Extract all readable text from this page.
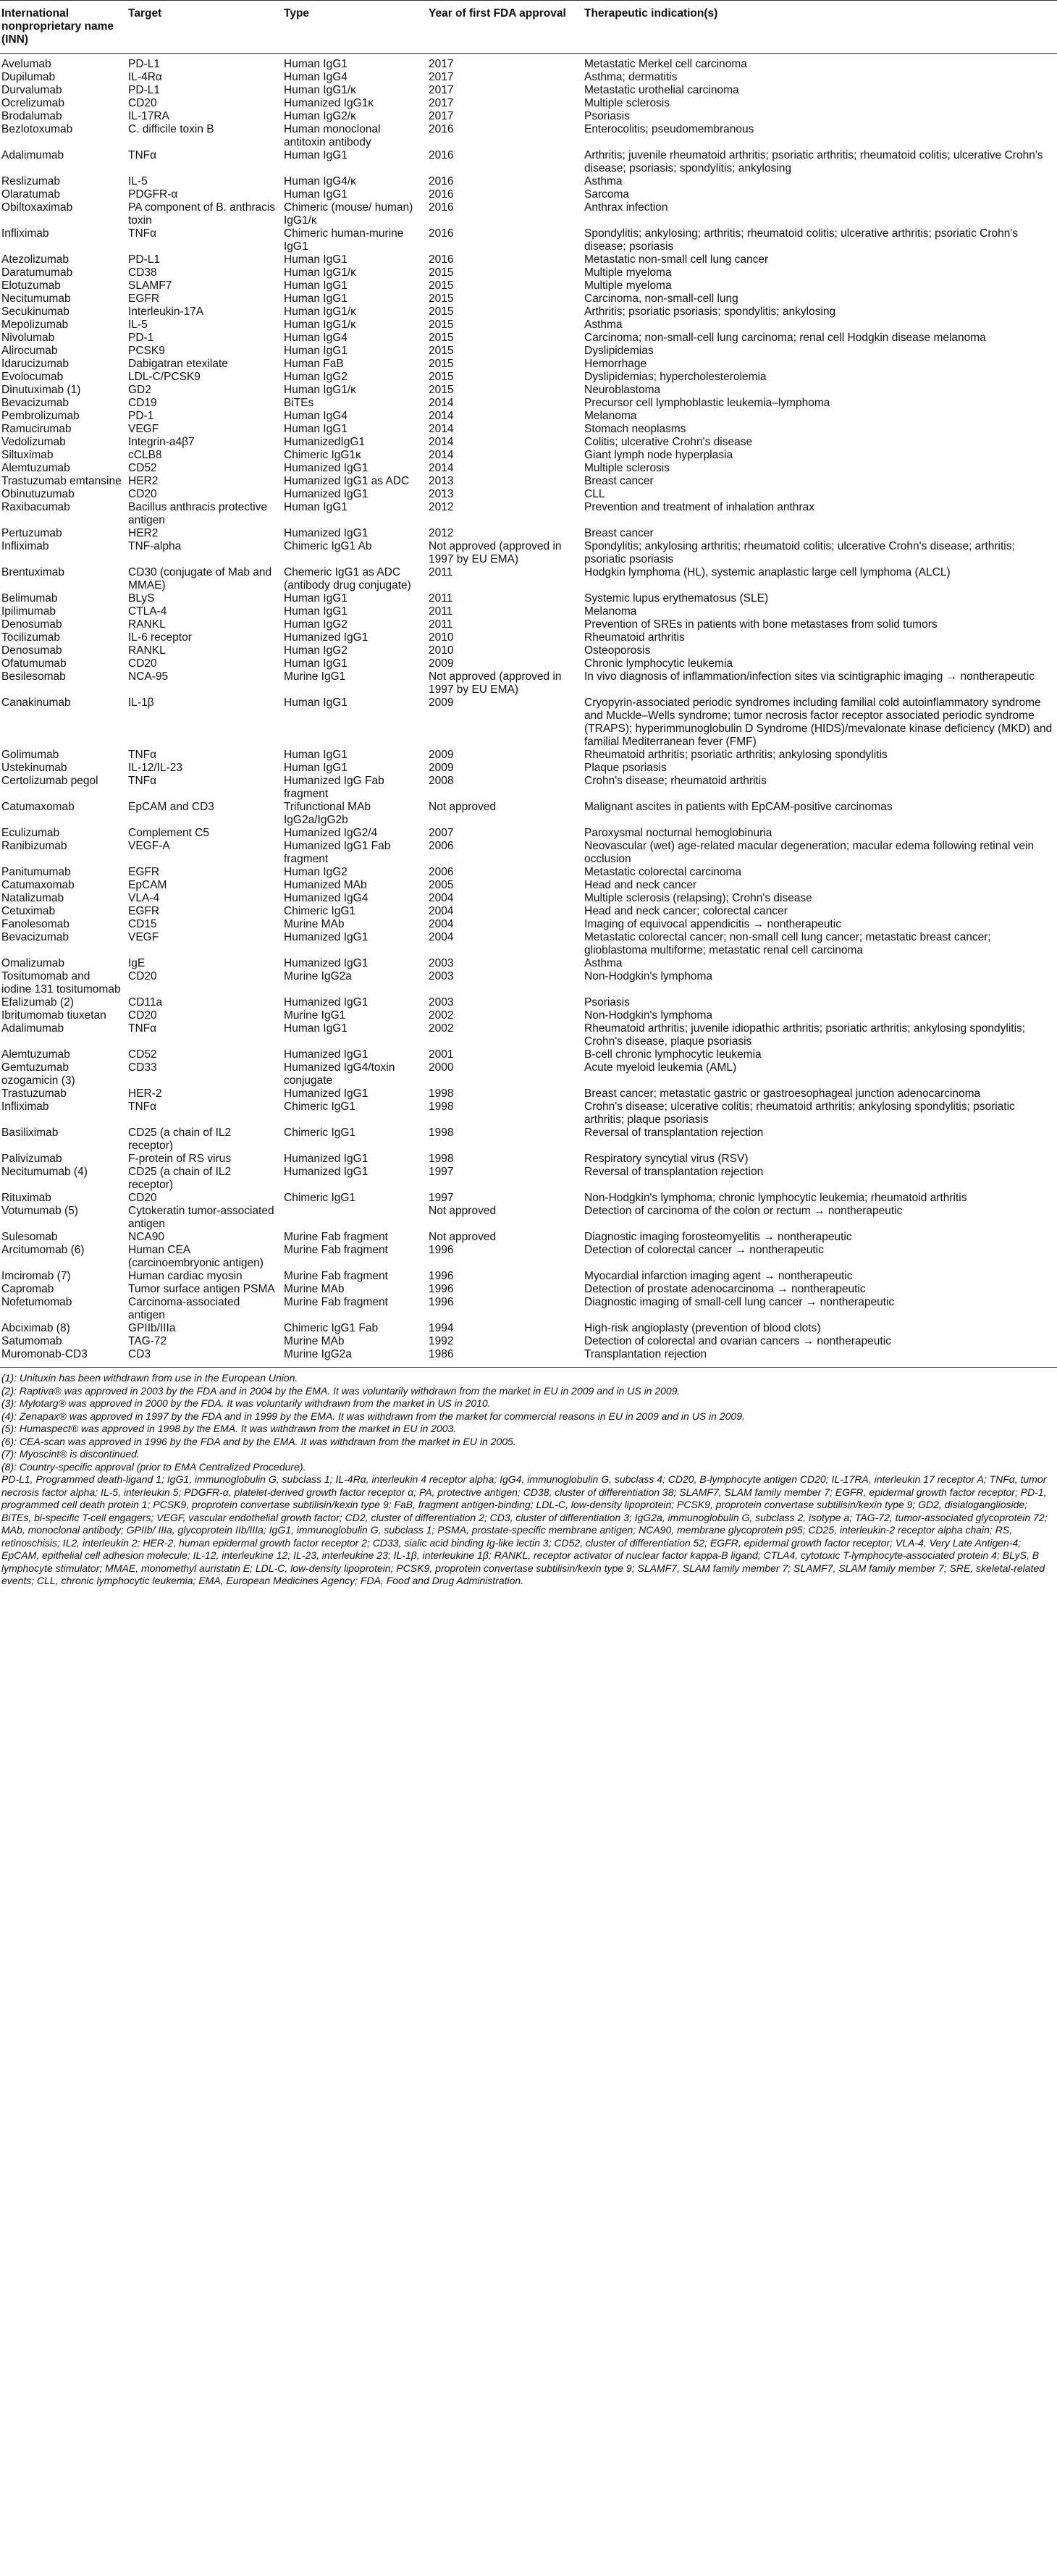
International nonproprietary name (INN)	Target	Type	Year of first FDA approval	Therapeutic indication(s)
Avelumab	PD-L1	Human IgG1	2017	Metastatic Merkel cell carcinoma
Dupilumab	IL-4Rα	Human IgG4	2017	Asthma; dermatitis
Durvalumab	PD-L1	Human IgG1/κ	2017	Metastatic urothelial carcinoma
Ocrelizumab	CD20	Humanized IgG1κ	2017	Multiple sclerosis
Brodalumab	IL-17RA	Human IgG2/κ	2017	Psoriasis
Bezlotoxumab	C. difficile toxin B	Human monoclonal antitoxin antibody	2016	Enterocolitis; pseudomembranous
Adalimumab	TNFα	Human IgG1	2016	Arthritis; juvenile rheumatoid arthritis; psoriatic arthritis; rheumatoid colitis; ulcerative Crohn's disease; psoriasis; spondylitis; ankylosing
Reslizumab	IL-5	Human IgG4/κ	2016	Asthma
Olaratumab	PDGFR-α	Human IgG1	2016	Sarcoma
Obiltoxaximab	PA component of B. anthracis toxin	Chimeric (mouse/ human) IgG1/κ	2016	Anthrax infection
Infliximab	TNFα	Chimeric human-murine IgG1	2016	Spondylitis; ankylosing; arthritis; rheumatoid colitis; ulcerative arthritis; psoriatic Crohn's disease; psoriasis
Atezolizumab	PD-L1	Human IgG1	2016	Metastatic non-small cell lung cancer
Daratumumab	CD38	Human IgG1/κ	2015	Multiple myeloma
Elotuzumab	SLAMF7	Human IgG1	2015	Multiple myeloma
Necitumumab	EGFR	Human IgG1	2015	Carcinoma, non-small-cell lung
Secukinumab	Interleukin-17A	Human IgG1/κ	2015	Arthritis; psoriatic psoriasis; spondylitis; ankylosing
Mepolizumab	IL-5	Human IgG1/κ	2015	Asthma
Nivolumab	PD-1	Human IgG4	2015	Carcinoma; non-small-cell lung carcinoma; renal cell Hodgkin disease melanoma
Alirocumab	PCSK9	Human IgG1	2015	Dyslipidemias
Idarucizumab	Dabigatran etexilate	Human FaB	2015	Hemorrhage
Evolocumab	LDL-C/PCSK9	Human IgG2	2015	Dyslipidemias; hypercholesterolemia
Dinutuximab (1)	GD2	Human IgG1/κ	2015	Neuroblastoma
Bevacizumab	CD19	BiTEs	2014	Precursor cell lymphoblastic leukemia–lymphoma
Pembrolizumab	PD-1	Human IgG4	2014	Melanoma
Ramucirumab	VEGF	Human IgG1	2014	Stomach neoplasms
Vedolizumab	Integrin-a4β7	HumanizedIgG1	2014	Colitis; ulcerative Crohn's disease
Siltuximab	cCLB8	Chimeric IgG1κ	2014	Giant lymph node hyperplasia
Alemtuzumab	CD52	Humanized IgG1	2014	Multiple sclerosis
Trastuzumab emtansine	HER2	Humanized IgG1 as ADC	2013	Breast cancer
Obinutuzumab	CD20	Humanized IgG1	2013	CLL
Raxibacumab	Bacillus anthracis protective antigen	Human IgG1	2012	Prevention and treatment of inhalation anthrax
Pertuzumab	HER2	Humanized IgG1	2012	Breast cancer
Infliximab	TNF-alpha	Chimeric IgG1 Ab	Not approved (approved in 1997 by EU EMA)	Spondylitis; ankylosing arthritis; rheumatoid colitis; ulcerative Crohn's disease; arthritis; psoriatic psoriasis
Brentuximab	CD30 (conjugate of Mab and MMAE)	Chemeric IgG1 as ADC (antibody drug conjugate)	2011	Hodgkin lymphoma (HL), systemic anaplastic large cell lymphoma (ALCL)
Belimumab	BLyS	Human IgG1	2011	Systemic lupus erythematosus (SLE)
Ipilimumab	CTLA-4	Human IgG1	2011	Melanoma
Denosumab	RANKL	Human IgG2	2011	Prevention of SREs in patients with bone metastases from solid tumors
Tocilizumab	IL-6 receptor	Humanized IgG1	2010	Rheumatoid arthritis
Denosumab	RANKL	Human IgG2	2010	Osteoporosis
Ofatumumab	CD20	Human IgG1	2009	Chronic lymphocytic leukemia
Besilesomab	NCA-95	Murine IgG1	Not approved (approved in 1997 by EU EMA)	In vivo diagnosis of inflammation/infection sites via scintigraphic imaging → nontherapeutic
Canakinumab	IL-1β	Human IgG1	2009	Cryopyrin-associated periodic syndromes including familial cold autoinflammatory syndrome and Muckle–Wells syndrome; tumor necrosis factor receptor associated periodic syndrome (TRAPS); hyperimmunoglobulin D Syndrome (HIDS)/mevalonate kinase deficiency (MKD) and familial Mediterranean fever (FMF)
Golimumab	TNFα	Human IgG1	2009	Rheumatoid arthritis; psoriatic arthritis; ankylosing spondylitis
Ustekinumab	IL-12/IL-23	Human IgG1	2009	Plaque psoriasis
Certolizumab pegol	TNFα	Humanized IgG Fab fragment	2008	Crohn's disease; rheumatoid arthritis
Catumaxomab	EpCAM and CD3	Trifunctional MAb IgG2a/IgG2b	Not approved	Malignant ascites in patients with EpCAM-positive carcinomas
Eculizumab	Complement C5	Humanized IgG2/4	2007	Paroxysmal nocturnal hemoglobinuria
Ranibizumab	VEGF-A	Humanized IgG1 Fab fragment	2006	Neovascular (wet) age-related macular degeneration; macular edema following retinal vein occlusion
Panitumumab	EGFR	Human IgG2	2006	Metastatic colorectal carcinoma
Catumaxomab	EpCAM	Humanized MAb	2005	Head and neck cancer
Natalizumab	VLA-4	Humanized IgG4	2004	Multiple sclerosis (relapsing); Crohn's disease
Cetuximab	EGFR	Chimeric IgG1	2004	Head and neck cancer; colorectal cancer
Fanolesomab	CD15	Murine MAb	2004	Imaging of equivocal appendicitis → nontherapeutic
Bevacizumab	VEGF	Humanized IgG1	2004	Metastatic colorectal cancer; non-small cell lung cancer; metastatic breast cancer; glioblastoma multiforme; metastatic renal cell carcinoma
Omalizumab	IgE	Humanized IgG1	2003	Asthma
Tositumomab and iodine 131 tositumomab	CD20	Murine IgG2a	2003	Non-Hodgkin's lymphoma
Efalizumab (2)	CD11a	Humanized IgG1	2003	Psoriasis
Ibritumomab tiuxetan	CD20	Murine IgG1	2002	Non-Hodgkin's lymphoma
Adalimumab	TNFα	Human IgG1	2002	Rheumatoid arthritis; juvenile idiopathic arthritis; psoriatic arthritis; ankylosing spondylitis; Crohn's disease, plaque psoriasis
Alemtuzumab	CD52	Humanized IgG1	2001	B-cell chronic lymphocytic leukemia
Gemtuzumab ozogamicin (3)	CD33	Humanized IgG4/toxin conjugate	2000	Acute myeloid leukemia (AML)
Trastuzumab	HER-2	Humanized IgG1	1998	Breast cancer; metastatic gastric or gastroesophageal junction adenocarcinoma
Infliximab	TNFα	Chimeric IgG1	1998	Crohn's disease; ulcerative colitis; rheumatoid arthritis; ankylosing spondylitis; psoriatic arthritis; plaque psoriasis
Basiliximab	CD25 (a chain of IL2 receptor)	Chimeric IgG1	1998	Reversal of transplantation rejection
Palivizumab	F-protein of RS virus	Humanized IgG1	1998	Respiratory syncytial virus (RSV)
Necitumumab (4)	CD25 (a chain of IL2 receptor)	Humanized IgG1	1997	Reversal of transplantation rejection
Rituximab	CD20	Chimeric IgG1	1997	Non-Hodgkin's lymphoma; chronic lymphocytic leukemia; rheumatoid arthritis
Votumumab (5)	Cytokeratin tumor-associated antigen		Not approved	Detection of carcinoma of the colon or rectum → nontherapeutic
Sulesomab	NCA90	Murine Fab fragment	Not approved	Diagnostic imaging forosteomyelitis → nontherapeutic
Arcitumomab (6)	Human CEA (carcinoembryonic antigen)	Murine Fab fragment	1996	Detection of colorectal cancer → nontherapeutic
Imciromab (7)	Human cardiac myosin	Murine Fab fragment	1996	Myocardial infarction imaging agent → nontherapeutic
Capromab	Tumor surface antigen PSMA	Murine MAb	1996	Detection of prostate adenocarcinoma → nontherapeutic
Nofetumomab	Carcinoma-associated antigen	Murine Fab fragment	1996	Diagnostic imaging of small-cell lung cancer → nontherapeutic
Abciximab (8)	GPIIb/IIIa	Chimeric IgG1 Fab	1994	High-risk angioplasty (prevention of blood clots)
Satumomab	TAG-72	Murine MAb	1992	Detection of colorectal and ovarian cancers → nontherapeutic
Muromonab-CD3	CD3	Murine IgG2a	1986	Transplantation rejection
(1): Unituxin has been withdrawn from use in the European Union.
(2): Raptiva® was approved in 2003 by the FDA and in 2004 by the EMA. It was voluntarily withdrawn from the market in EU in 2009 and in US in 2009.
(3): Mylotarg® was approved in 2000 by the FDA. It was voluntarily withdrawn from the market in US in 2010.
(4): Zenapax® was approved in 1997 by the FDA and in 1999 by the EMA. It was withdrawn from the market for commercial reasons in EU in 2009 and in US in 2009.
(5): Humaspect® was approved in 1998 by the EMA. It was withdrawn from the market in EU in 2003.
(6): CEA-scan was approved in 1996 by the FDA and by the EMA. It was withdrawn from the market in EU in 2005.
(7): Myoscint® is discontinued.
(8): Country-specific approval (prior to EMA Centralized Procedure).
PD-L1, Programmed death-ligand 1; IgG1, immunoglobulin G, subclass 1; IL-4Rα, interleukin 4 receptor alpha; IgG4, immunoglobulin G, subclass 4; CD20, B-lymphocyte antigen CD20; IL-17RA, interleukin 17 receptor A; TNFα, tumor necrosis factor alpha; IL-5, interleukin 5; PDGFR-α, platelet-derived growth factor receptor α; PA, protective antigen; CD38, cluster of differentiation 38; SLAMF7, SLAM family member 7; EGFR, epidermal growth factor receptor; PD-1, programmed cell death protein 1; PCSK9, proprotein convertase subtilisin/kexin type 9; FaB, fragment antigen-binding; LDL-C, low-density lipoprotein; PCSK9, proprotein convertase subtilisin/kexin type 9; GD2, disialoganglioside; BiTEs, bi-specific T-cell engagers; VEGF, vascular endothelial growth factor; CD2, cluster of differentiation 2; CD3, cluster of differentiation 3; IgG2a, immunoglobulin G, subclass 2, isotype a; TAG-72, tumor-associated glycoprotein 72; MAb, monoclonal antibody; GPIIb/ IIIa, glycoprotein IIb/IIIa; IgG1, immunoglobulin G, subclass 1; PSMA, prostate-specific membrane antigen; NCA90, membrane glycoprotein p95; CD25, interleukin-2 receptor alpha chain; RS, retinoschisis; IL2, interleukin 2; HER-2, human epidermal growth factor receptor 2; CD33, sialic acid binding Ig-like lectin 3; CD52, cluster of differentiation 52; EGFR, epidermal growth factor receptor; VLA-4, Very Late Antigen-4; EpCAM, epithelial cell adhesion molecule; IL-12, interleukine 12; IL-23, interleukine 23; IL-1β, interleukine 1β; RANKL, receptor activator of nuclear factor kappa-B ligand; CTLA4, cytotoxic T-lymphocyte-associated protein 4; BLyS, B lymphocyte stimulator; MMAE, monomethyl auristatin E; LDL-C, low-density lipoprotein; PCSK9, proprotein convertase subtilisin/kexin type 9; SLAMF7, SLAM family member 7; SLAMF7, SLAM family member 7; SRE, skeletal-related events; CLL, chronic lymphocytic leukemia; EMA, European Medicines Agency; FDA, Food and Drug Administration.
